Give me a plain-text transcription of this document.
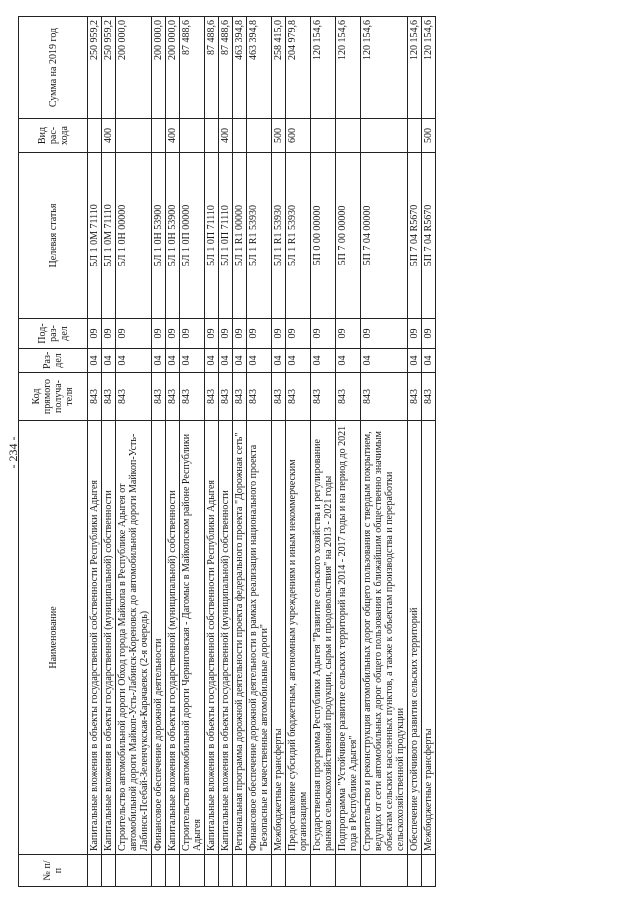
- 234 -
№ п/п	Наименование	Код прямого получа-теля	Раз-дел	Под-раз-дел	Целевая статья	Вид рас-хода	Сумма на 2019 год
	Капитальные вложения в объекты государственной собственности Республики Адыгея	843	04	09	5Л 1 0М 71110		250 959,2
	Капитальные вложения в объекты государственной (муниципальной) собственности	843	04	09	5Л 1 0М 71110	400	250 959,2
	Строительство автомобильной дороги Обход города Майкопа в Республике Адыгея от автомобильной дороги Майкоп-Усть-Лабинск-Кореновск до автомобильной дороги Майкоп-Усть-Лабинск-Псебай-Зеленчукская-Карачаевск (2-я очередь)	843	04	09	5Л 1 0Н 00000		200 000,0
	Финансовое обеспечение дорожной деятельности	843	04	09	5Л 1 0Н 53900		200 000,0
	Капитальные вложения в объекты государственной (муниципальной) собственности	843	04	09	5Л 1 0Н 53900	400	200 000,0
	Строительство автомобильной дороги Черниговская - Дагомыс в Майкопском районе Республики Адыгея	843	04	09	5Л 1 0П 00000		87 488,6
	Капитальные вложения в объекты государственной собственности Республики Адыгея	843	04	09	5Л 1 0П 71110		87 488,6
	Капитальные вложения в объекты государственной (муниципальной) собственности	843	04	09	5Л 1 0П 71110	400	87 488,6
	Региональная программа дорожной деятельности проекта федерального проекта "Дорожная сеть"	843	04	09	5Л 1 R1 00000		463 394,8
	Финансовое обеспечение дорожной деятельности в рамках реализации национального проекта "Безопасные и качественные автомобильные дороги"	843	04	09	5Л 1 R1 53930		463 394,8
	Межбюджетные трансферты	843	04	09	5Л 1 R1 53930	500	258 415,0
	Предоставление субсидий бюджетным, автономным учреждениям и иным некоммерческим организациям	843	04	09	5Л 1 R1 53930	600	204 979,8
	Государственная программа Республики Адыгея "Развитие сельского хозяйства и регулирование рынков сельскохозяйственной продукции, сырья и продовольствия" на 2013 - 2021 годы	843	04	09	5П 0 00 00000		120 154,6
	Подпрограмма "Устойчивое развитие сельских территорий на 2014 - 2017 годы и на период до 2021 года в Республике Адыгея"	843	04	09	5П 7 00 00000		120 154,6
	Строительство и реконструкция автомобильных дорог общего пользования с твердым покрытием, ведущих от сети автомобильных дорог общего пользования к ближайшим общественно значимым объектам сельских населенных пунктов, а также к объектам производства и переработки сельскохозяйственной продукции	843	04	09	5П 7 04 00000		120 154,6
	Обеспечение устойчивого развития сельских территорий	843	04	09	5П 7 04 R5670		120 154,6
	Межбюджетные трансферты	843	04	09	5П 7 04 R5670	500	120 154,6
